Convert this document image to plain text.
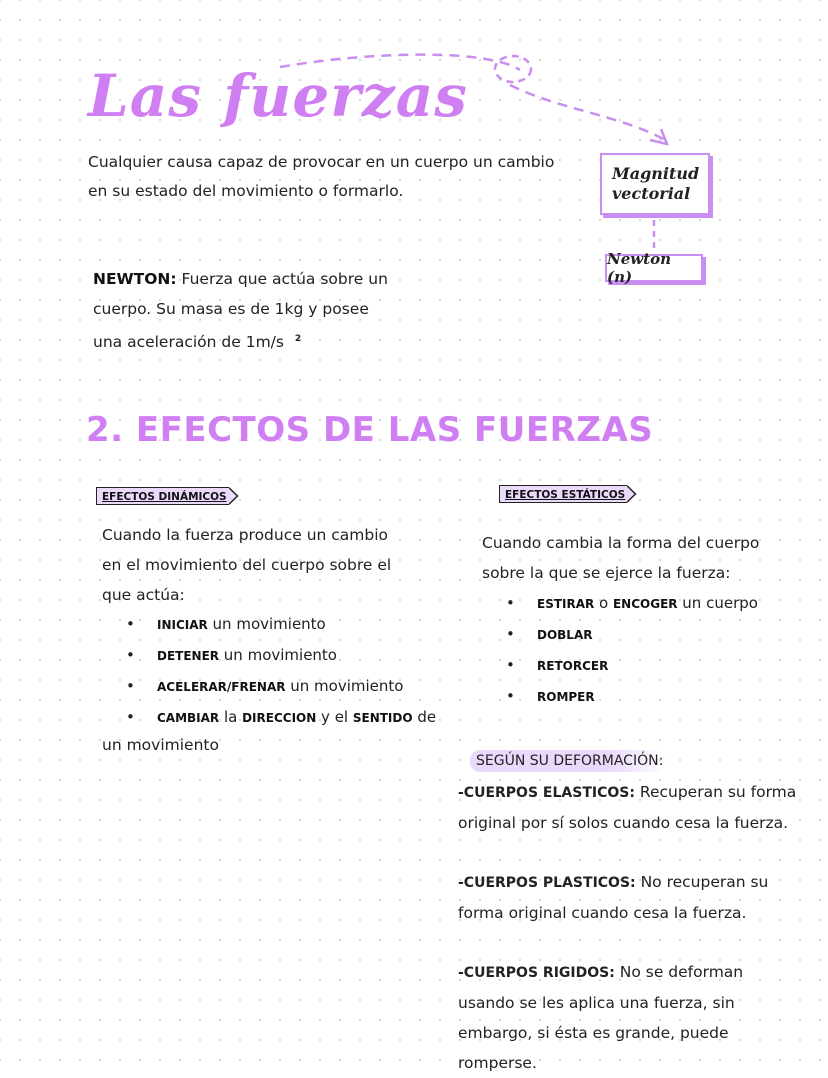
Las fuerzas
Cualquier causa capaz de provocar en un cuerpo un cambio en su estado del movimiento o formarlo.
Magnitud
vectorial
Newton (n)
NEWTON: Fuerza que actúa sobre un cuerpo. Su masa es de 1kg y posee una aceleración de 1m/s $^2$
2. EFECTOS DE LAS FUERZAS
EFECTOS DINÁMICOS
Cuando la fuerza produce un cambio en el movimiento del cuerpo sobre el que actúa:
• INICIAR un movimiento
• DETENER un movimiento
• ACELERAR/FRENAR un movimiento
• CAMBIAR la DIRECCION y el SENTIDO de
un movimiento
EFECTOS ESTÁTICOS
Cuando cambia la forma del cuerpo sobre la que se ejerce la fuerza:
• ESTIRAR o ENCOGER un cuerpo
• DOBLAR
• RETORCER
• ROMPER
SEGÚN SU DEFORMACIÓN:
-CUERPOS ELASTICOS: Recuperan su forma original por sí solos cuando cesa la fuerza.
-CUERPOS PLASTICOS: No recuperan su forma original cuando cesa la fuerza.
-CUERPOS RIGIDOS: No se deforman usando se les aplica una fuerza, sin embargo, si ésta es grande, puede romperse.
